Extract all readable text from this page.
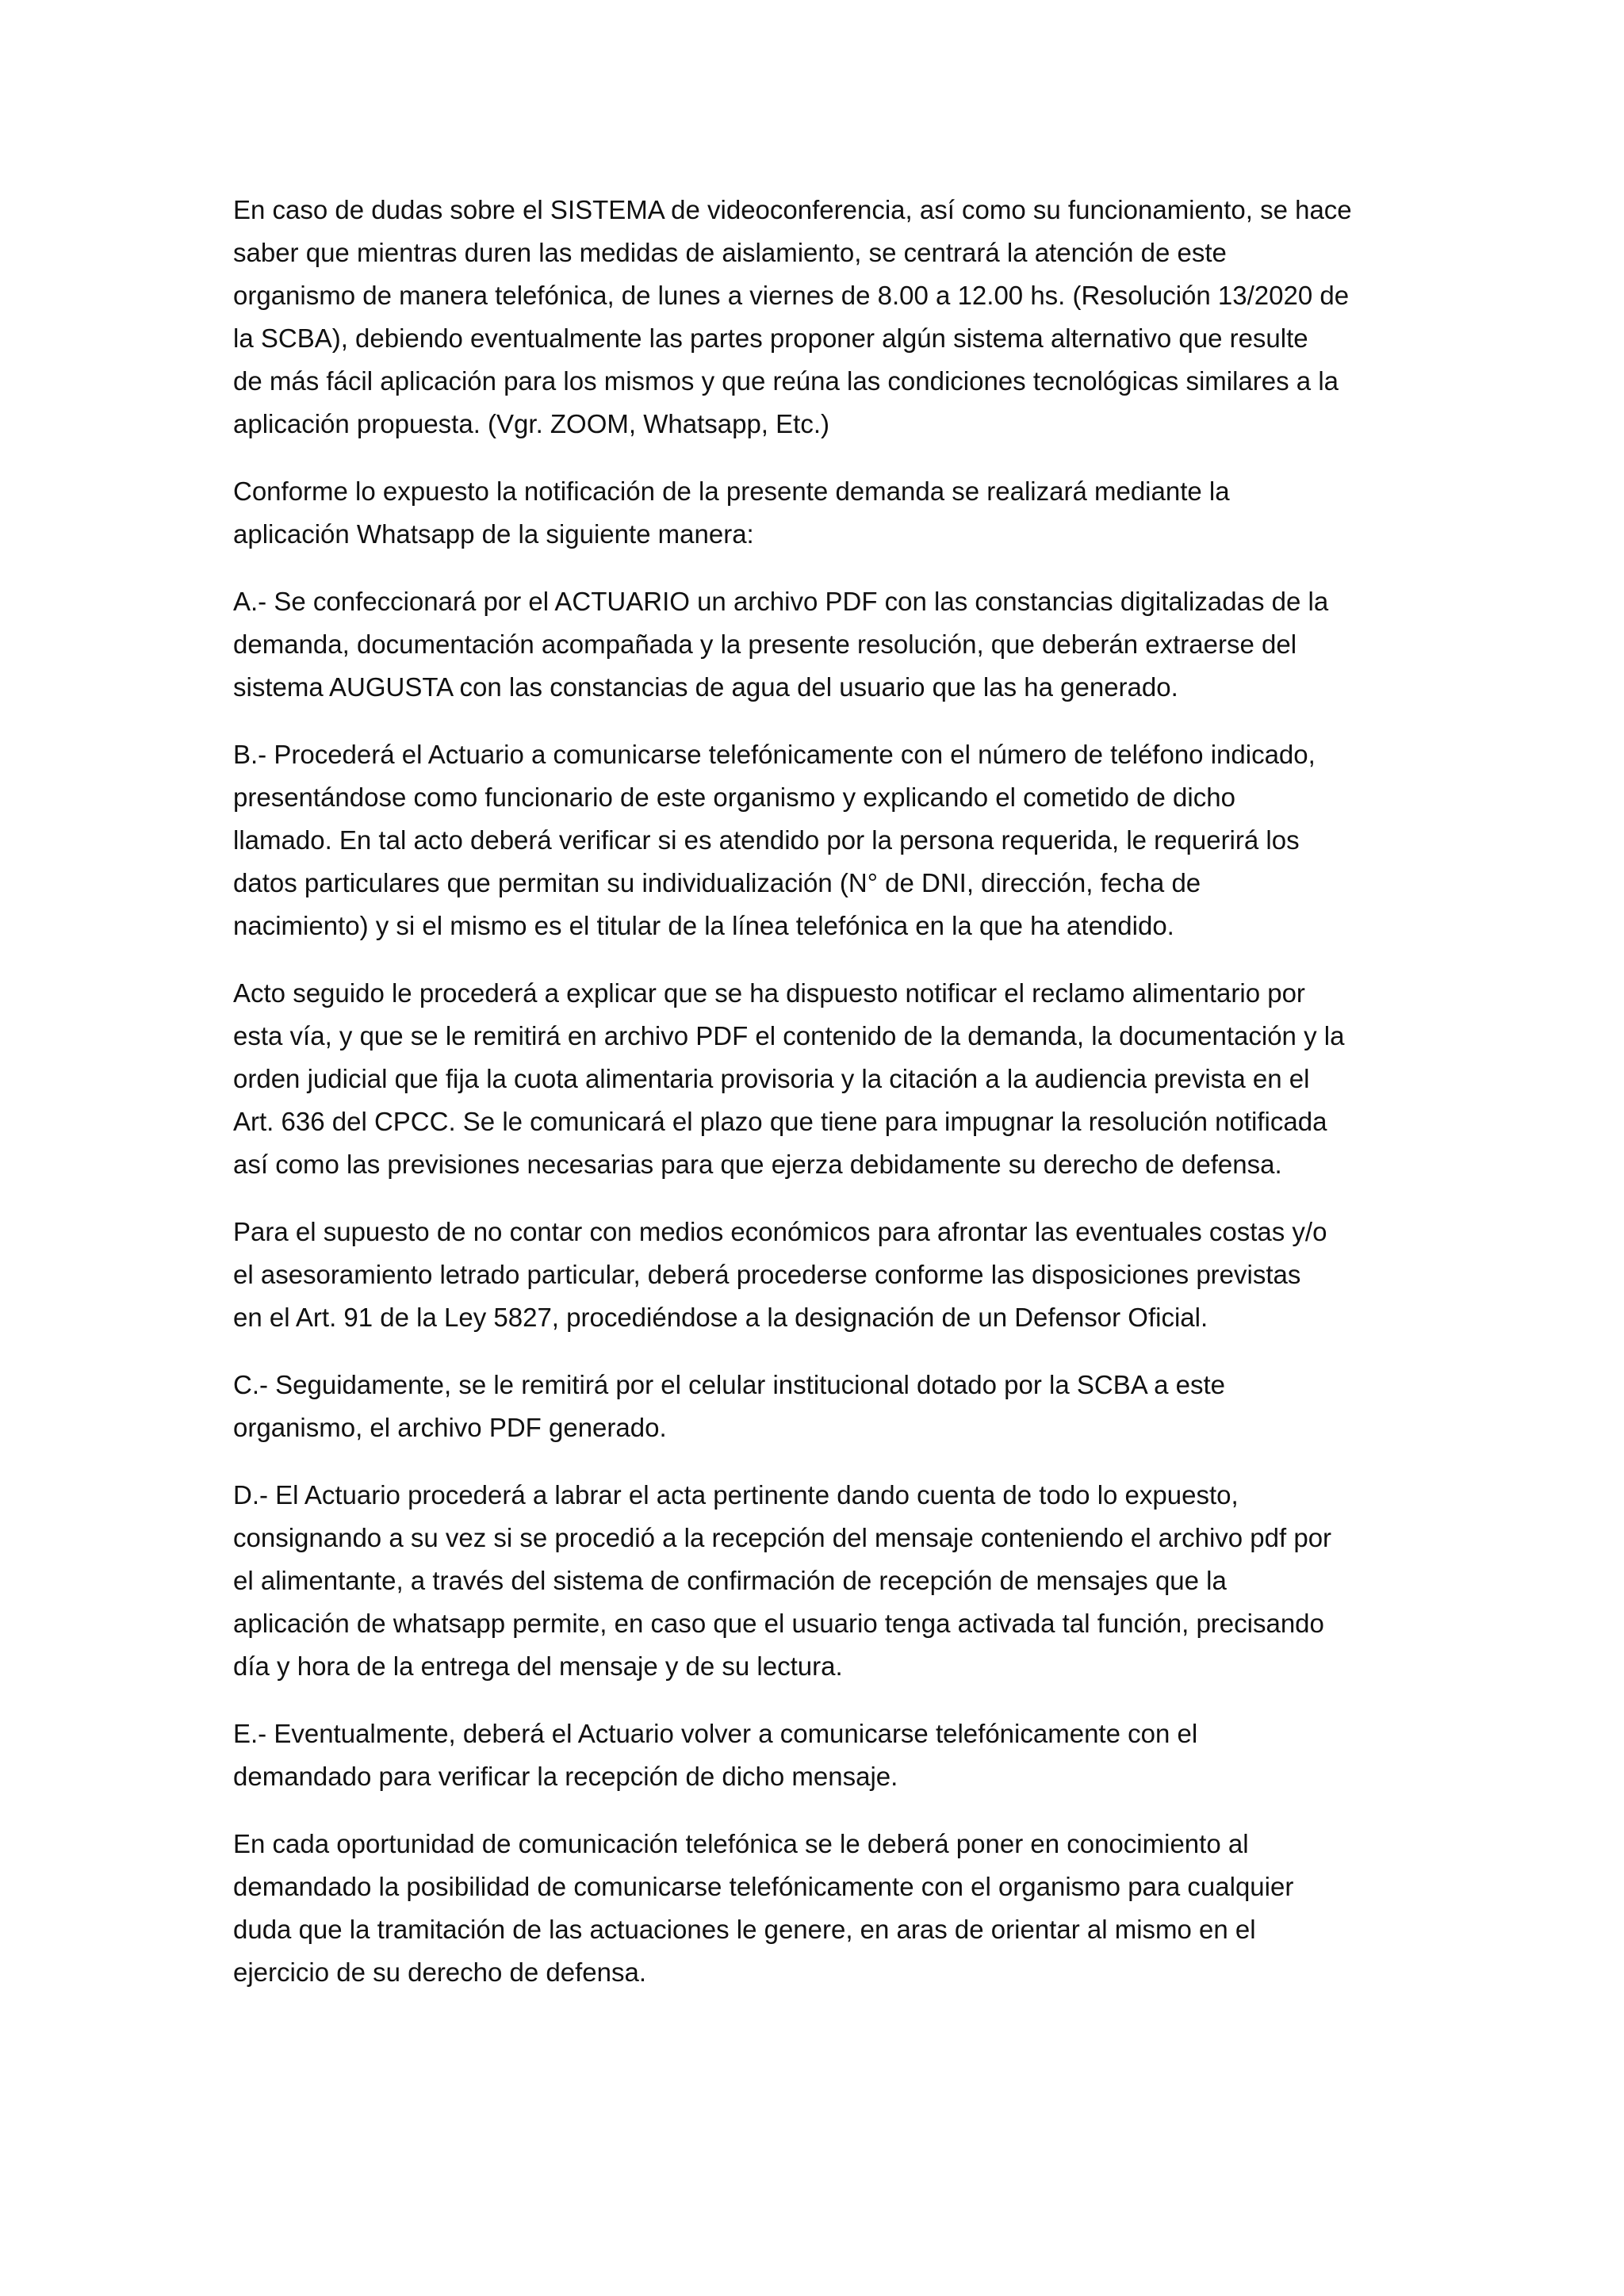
En caso de dudas sobre el SISTEMA de videoconferencia, así como su funcionamiento, se hace
saber que mientras duren las medidas de aislamiento, se centrará la atención de este
organismo de manera telefónica, de lunes a viernes de 8.00 a 12.00 hs. (Resolución 13/2020 de
la SCBA), debiendo eventualmente las partes proponer algún sistema alternativo que resulte
de más fácil aplicación para los mismos y que reúna las condiciones tecnológicas similares a la
aplicación propuesta. (Vgr. ZOOM, Whatsapp, Etc.)

Conforme lo expuesto la notificación de la presente demanda se realizará mediante la
aplicación Whatsapp de la siguiente manera:

A.- Se confeccionará por el ACTUARIO un archivo PDF con las constancias digitalizadas de la
demanda, documentación acompañada y la presente resolución, que deberán extraerse del
sistema AUGUSTA con las constancias de agua del usuario que las ha generado.

B.- Procederá el Actuario a comunicarse telefónicamente con el número de teléfono indicado,
presentándose como funcionario de este organismo y explicando el cometido de dicho
llamado. En tal acto deberá verificar si es atendido por la persona requerida, le requerirá los
datos particulares que permitan su individualización (N° de DNI, dirección, fecha de
nacimiento) y si el mismo es el titular de la línea telefónica en la que ha atendido.

Acto seguido le procederá a explicar que se ha dispuesto notificar el reclamo alimentario por
esta vía, y que se le remitirá en archivo PDF el contenido de la demanda, la documentación y la
orden judicial que fija la cuota alimentaria provisoria y la citación a la audiencia prevista en el
Art. 636 del CPCC. Se le comunicará el plazo que tiene para impugnar la resolución notificada
así como las previsiones necesarias para que ejerza debidamente su derecho de defensa.

Para el supuesto de no contar con medios económicos para afrontar las eventuales costas y/o
el asesoramiento letrado particular, deberá procederse conforme las disposiciones previstas
en el Art. 91 de la Ley 5827, procediéndose a la designación de un Defensor Oficial.

C.- Seguidamente, se le remitirá por el celular institucional dotado por la SCBA a este
organismo, el archivo PDF generado.

D.- El Actuario procederá a labrar el acta pertinente dando cuenta de todo lo expuesto,
consignando a su vez si se procedió a la recepción del mensaje conteniendo el archivo pdf por
el alimentante, a través del sistema de confirmación de recepción de mensajes que la
aplicación de whatsapp permite, en caso que el usuario tenga activada tal función, precisando
día y hora de la entrega del mensaje y de su lectura.

E.- Eventualmente, deberá el Actuario volver a comunicarse telefónicamente con el
demandado para verificar la recepción de dicho mensaje.

En cada oportunidad de comunicación telefónica se le deberá poner en conocimiento al
demandado la posibilidad de comunicarse telefónicamente con el organismo para cualquier
duda que la tramitación de las actuaciones le genere, en aras de orientar al mismo en el
ejercicio de su derecho de defensa.
